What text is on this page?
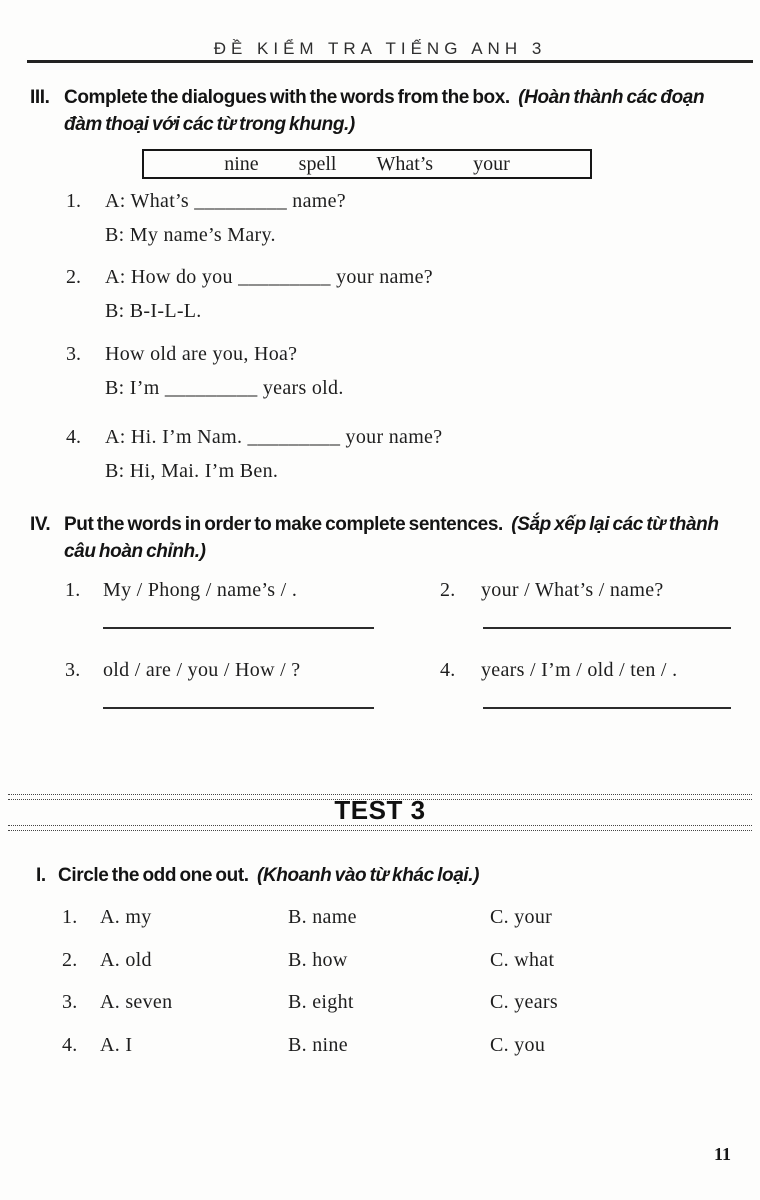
ĐỀ KIỂM TRA TIẾNG ANH 3
III. Complete the dialogues with the words from the box. (Hoàn thành các đoạn đàm thoại với các từ trong khung.)
nine spell What’s your
1. A: What’s _________ name?
B: My name’s Mary.
2. A: How do you _________ your name?
B: B-I-L-L.
3. How old are you, Hoa?
B: I’m _________ years old.
4. A: Hi. I’m Nam. _________ your name?
B: Hi, Mai. I’m Ben.
IV. Put the words in order to make complete sentences. (Sắp xếp lại các từ thành câu hoàn chỉnh.)
1. My / Phong / name’s / .	2. your / What’s / name?
3. old / are / you / How / ?	4. years / I’m / old / ten / .
TEST 3
I. Circle the odd one out. (Khoanh vào từ khác loại.)
1. A. my	B. name	C. your
2. A. old	B. how	C. what
3. A. seven	B. eight	C. years
4. A. I	B. nine	C. you
11
